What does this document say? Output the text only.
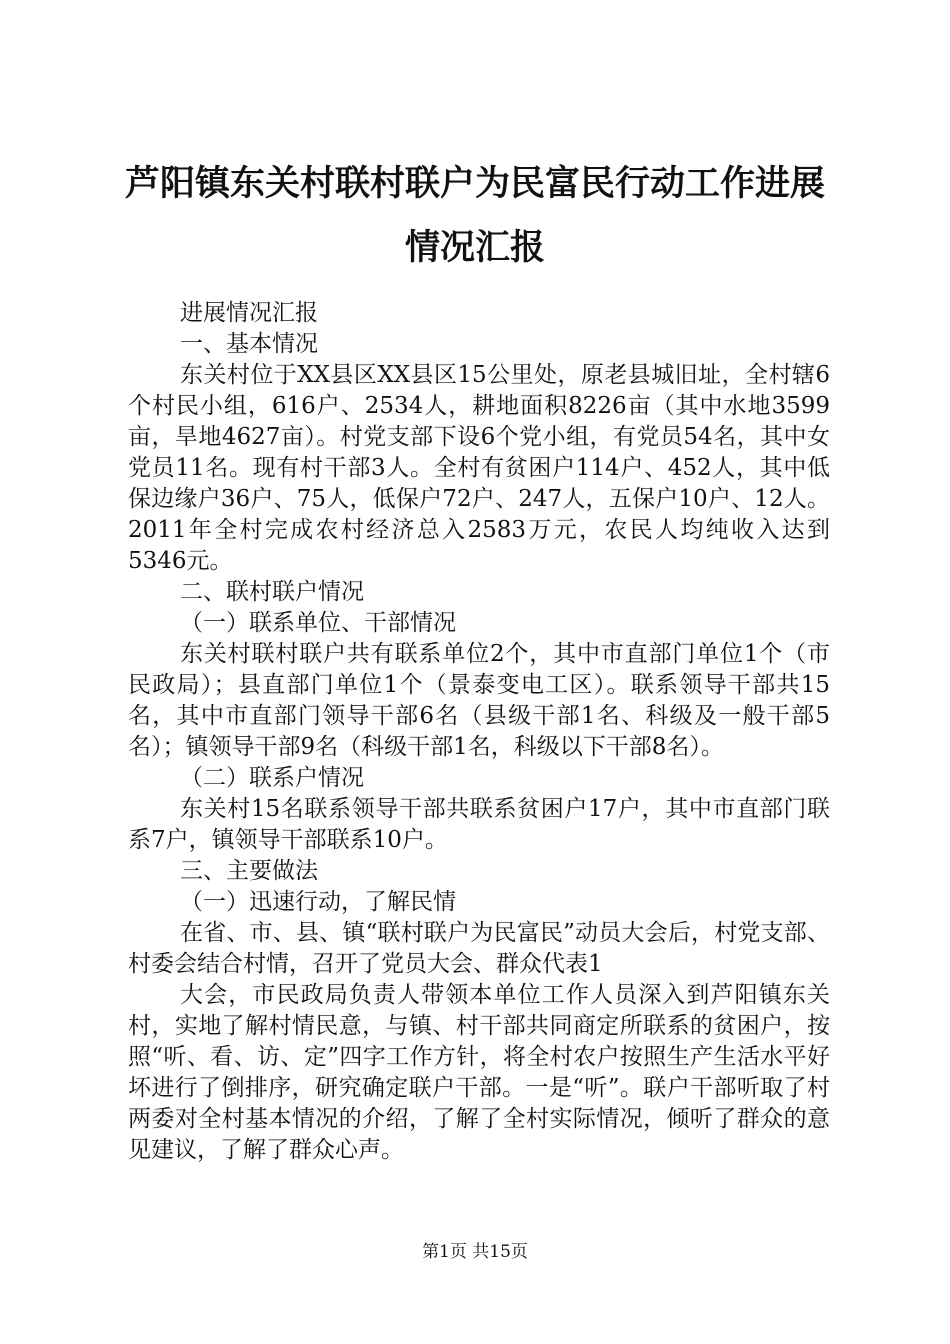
芦阳镇东关村联村联户为民富民行动工作进展
情况汇报

进展情况汇报

一、基本情况

东关村位于XX县区XX县区15公里处，原老县城旧址，全村辖6个村民小组，616户、2534人，耕地面积8226亩（其中水地3599亩，旱地4627亩）。村党支部下设6个党小组，有党员54名，其中女党员11名。现有村干部3人。全村有贫困户114户、452人，其中低保边缘户36户、75人，低保户72户、247人，五保户10户、12人。2011年全村完成农村经济总入2583万元，农民人均纯收入达到5346元。

二、联村联户情况

（一）联系单位、干部情况

东关村联村联户共有联系单位2个，其中市直部门单位1个（市民政局）；县直部门单位1个（景泰变电工区）。联系领导干部共15名，其中市直部门领导干部6名（县级干部1名、科级及一般干部5名）；镇领导干部9名（科级干部1名，科级以下干部8名）。

（二）联系户情况

东关村15名联系领导干部共联系贫困户17户，其中市直部门联系7户，镇领导干部联系10户。

三、主要做法

（一）迅速行动，了解民情

在省、市、县、镇“联村联户为民富民”动员大会后，村党支部、村委会结合村情，召开了党员大会、群众代表1

大会，市民政局负责人带领本单位工作人员深入到芦阳镇东关村，实地了解村情民意，与镇、村干部共同商定所联系的贫困户，按照“听、看、访、定”四字工作方针，将全村农户按照生产生活水平好坏进行了倒排序，研究确定联户干部。一是“听”。联户干部听取了村两委对全村基本情况的介绍，了解了全村实际情况，倾听了群众的意见建议，了解了群众心声。

第1页 共15页
